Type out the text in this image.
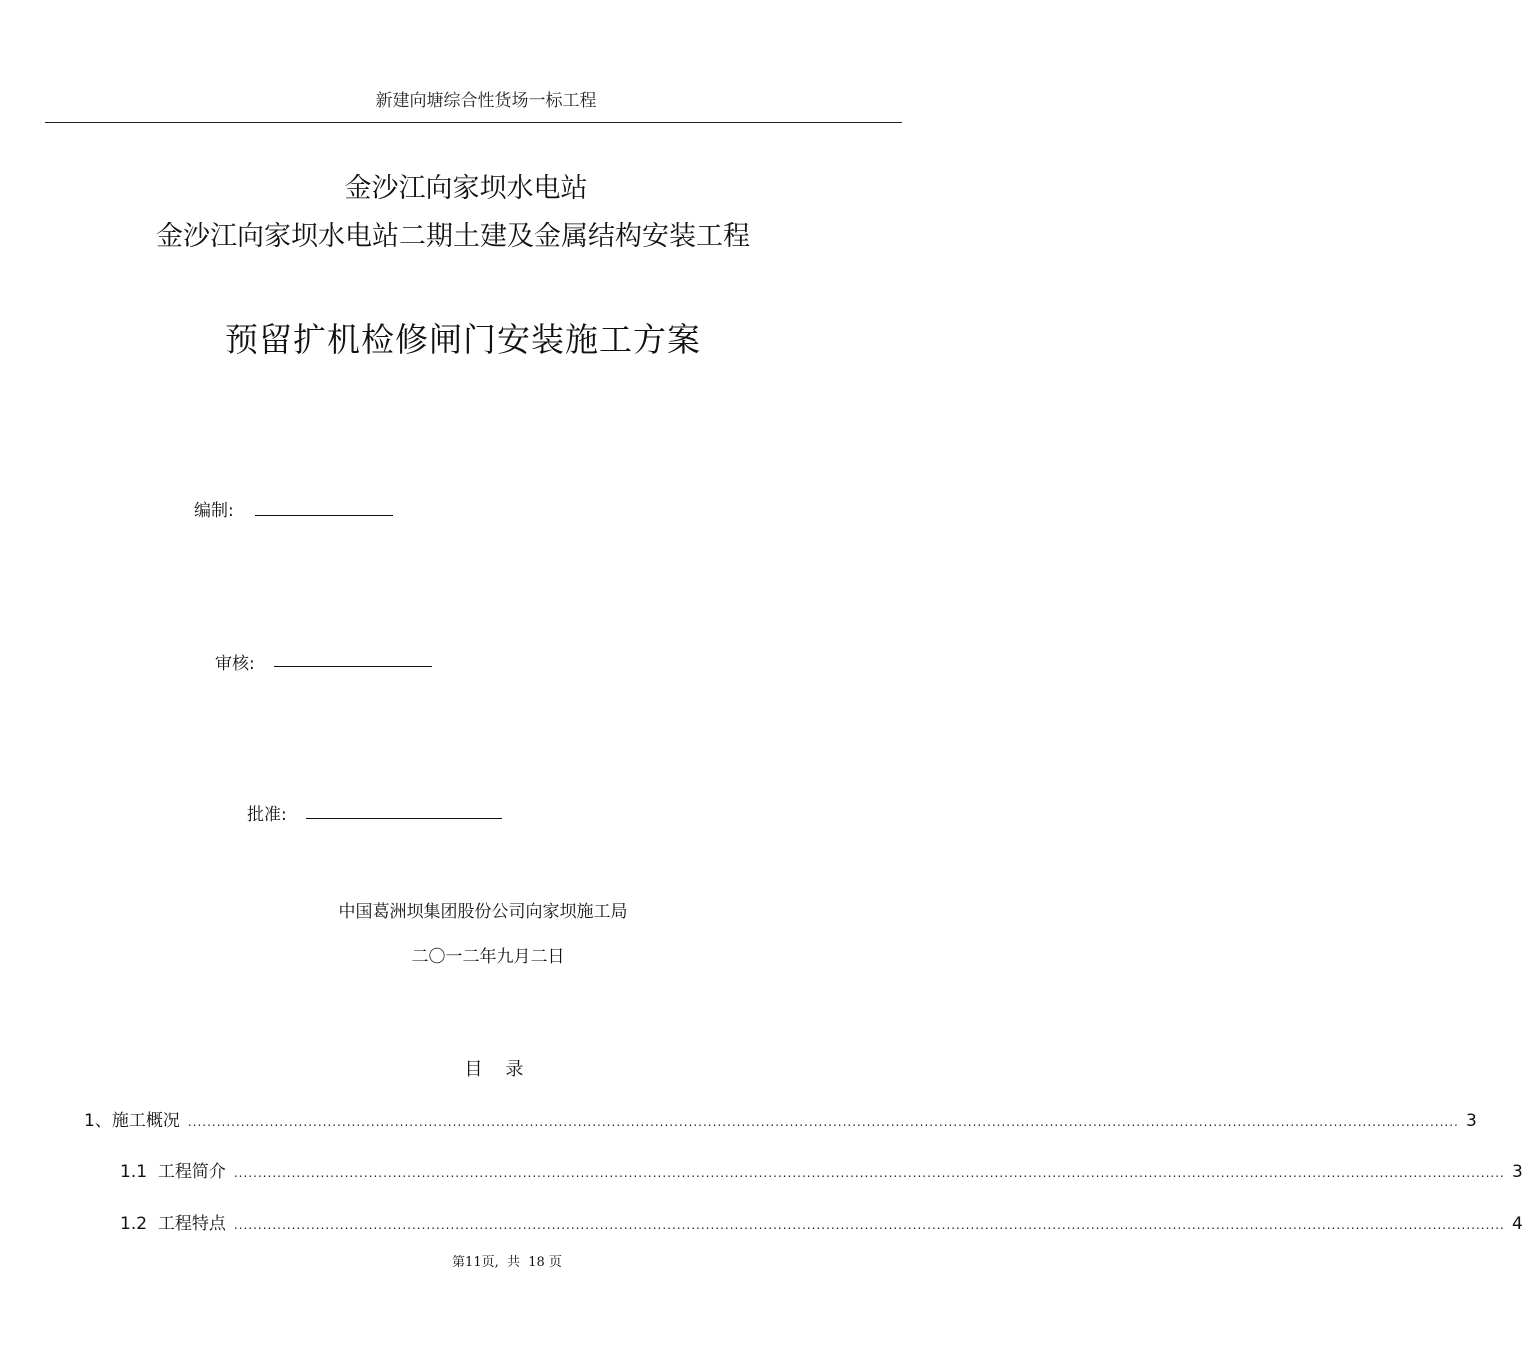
新建向塘综合性货场一标工程
金沙江向家坝水电站
金沙江向家坝水电站二期土建及金属结构安装工程
预留扩机检修闸门安装施工方案
编制:
审核:
批准:
中国葛洲坝集团股份公司向家坝施工局
二〇一二年九月二日
目    录
1、施工概况 ........................................................................................................................................................................................................................................................................ 3
1.1  工程简介 ........................................................................................................................................................................................................................................................................ 3
1.2  工程特点 ........................................................................................................................................................................................................................................................................ 4
第11页,  共  18 页
